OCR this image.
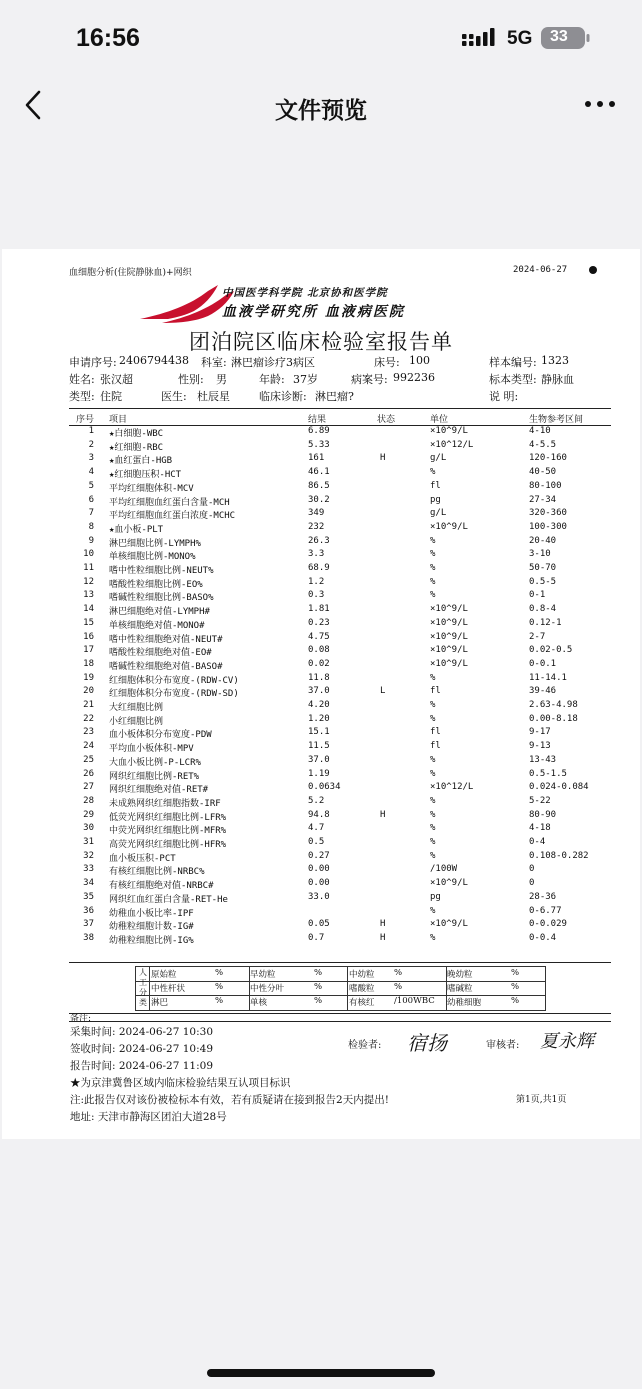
16:56	5G 33
文件预览
血细胞分析(住院静脉血)+网织	2024-06-27
中国医学科学院 北京协和医学院
血液学研究所 血液病医院
团泊院区临床检验室报告单
申请序号: 2406794438 科室: 淋巴瘤诊疗3病区	床号: 100	样本编号: 1323
姓名: 张汉超	性别: 男	年龄: 37岁	病案号: 992236	标本类型: 静脉血
类型: 住院	医生: 杜辰星	临床诊断: 淋巴瘤?	说 明:
序号 项目	结果	状态	单位	生物参考区间
1 ★白细胞-WBC	6.89	×10^9/L	4-10
2 ★红细胞-RBC	5.33	×10^12/L	4-5.5
3 ★血红蛋白-HGB	161	H	g/L	120-160
4 ★红细胞压积-HCT	46.1	%	40-50
5 平均红细胞体积-MCV	86.5	fl	80-100
6 平均红细胞血红蛋白含量-MCH	30.2	pg	27-34
7 平均红细胞血红蛋白浓度-MCHC	349	g/L	320-360
8 ★血小板-PLT	232	×10^9/L	100-300
9 淋巴细胞比例-LYMPH%	26.3	%	20-40
10 单核细胞比例-MONO%	3.3	%	3-10
11 嗜中性粒细胞比例-NEUT%	68.9	%	50-70
12 嗜酸性粒细胞比例-EO%	1.2	%	0.5-5
13 嗜碱性粒细胞比例-BASO%	0.3	%	0-1
14 淋巴细胞绝对值-LYMPH#	1.81	×10^9/L	0.8-4
15 单核细胞绝对值-MONO#	0.23	×10^9/L	0.12-1
16 嗜中性粒细胞绝对值-NEUT#	4.75	×10^9/L	2-7
17 嗜酸性粒细胞绝对值-EO#	0.08	×10^9/L	0.02-0.5
18 嗜碱性粒细胞绝对值-BASO#	0.02	×10^9/L	0-0.1
19 红细胞体积分布宽度-(RDW-CV)	11.8	%	11-14.1
20 红细胞体积分布宽度-(RDW-SD)	37.0	L	fl	39-46
21 大红细胞比例	4.20	%	2.63-4.98
22 小红细胞比例	1.20	%	0.00-8.18
23 血小板体积分布宽度-PDW	15.1	fl	9-17
24 平均血小板体积-MPV	11.5	fl	9-13
25 大血小板比例-P-LCR%	37.0	%	13-43
26 网织红细胞比例-RET%	1.19	%	0.5-1.5
27 网织红细胞绝对值-RET#	0.0634	×10^12/L	0.024-0.084
28 未成熟网织红细胞指数-IRF	5.2	%	5-22
29 低荧光网织红细胞比例-LFR%	94.8	H	%	80-90
30 中荧光网织红细胞比例-MFR%	4.7	%	4-18
31 高荧光网织红细胞比例-HFR%	0.5	%	0-4
32 血小板压积-PCT	0.27	%	0.108-0.282
33 有核红细胞比例-NRBC%	0.00	/100W	0
34 有核红细胞绝对值-NRBC#	0.00	×10^9/L	0
35 网织红血红蛋白含量-RET-He	33.0	pg	28-36
36 幼稚血小板比率-IPF	%	0-6.77
37 幼稚粒细胞计数-IG#	0.05	H	×10^9/L	0-0.029
38 幼稚粒细胞比例-IG%	0.7	H	%	0-0.4
人
工
分
类
原始粒	%	早幼粒	%	中幼粒 %	晚幼粒	%
中性杆状	%	中性分叶	%	嗜酸粒 %	嗜碱粒	%
淋巴	%	单核	%	有核红 /100WBC 幼稚细胞	%
备注:
采集时间: 2024-06-27 10:30
签收时间: 2024-06-27 10:49
报告时间: 2024-06-27 11:09
检验者: 宿扬	审核者: 夏永辉
★为京津冀鲁区域内临床检验结果互认项目标识
注:此报告仅对该份被检标本有效，若有质疑请在接到报告2天内提出!	第1页,共1页
地址: 天津市静海区团泊大道28号
